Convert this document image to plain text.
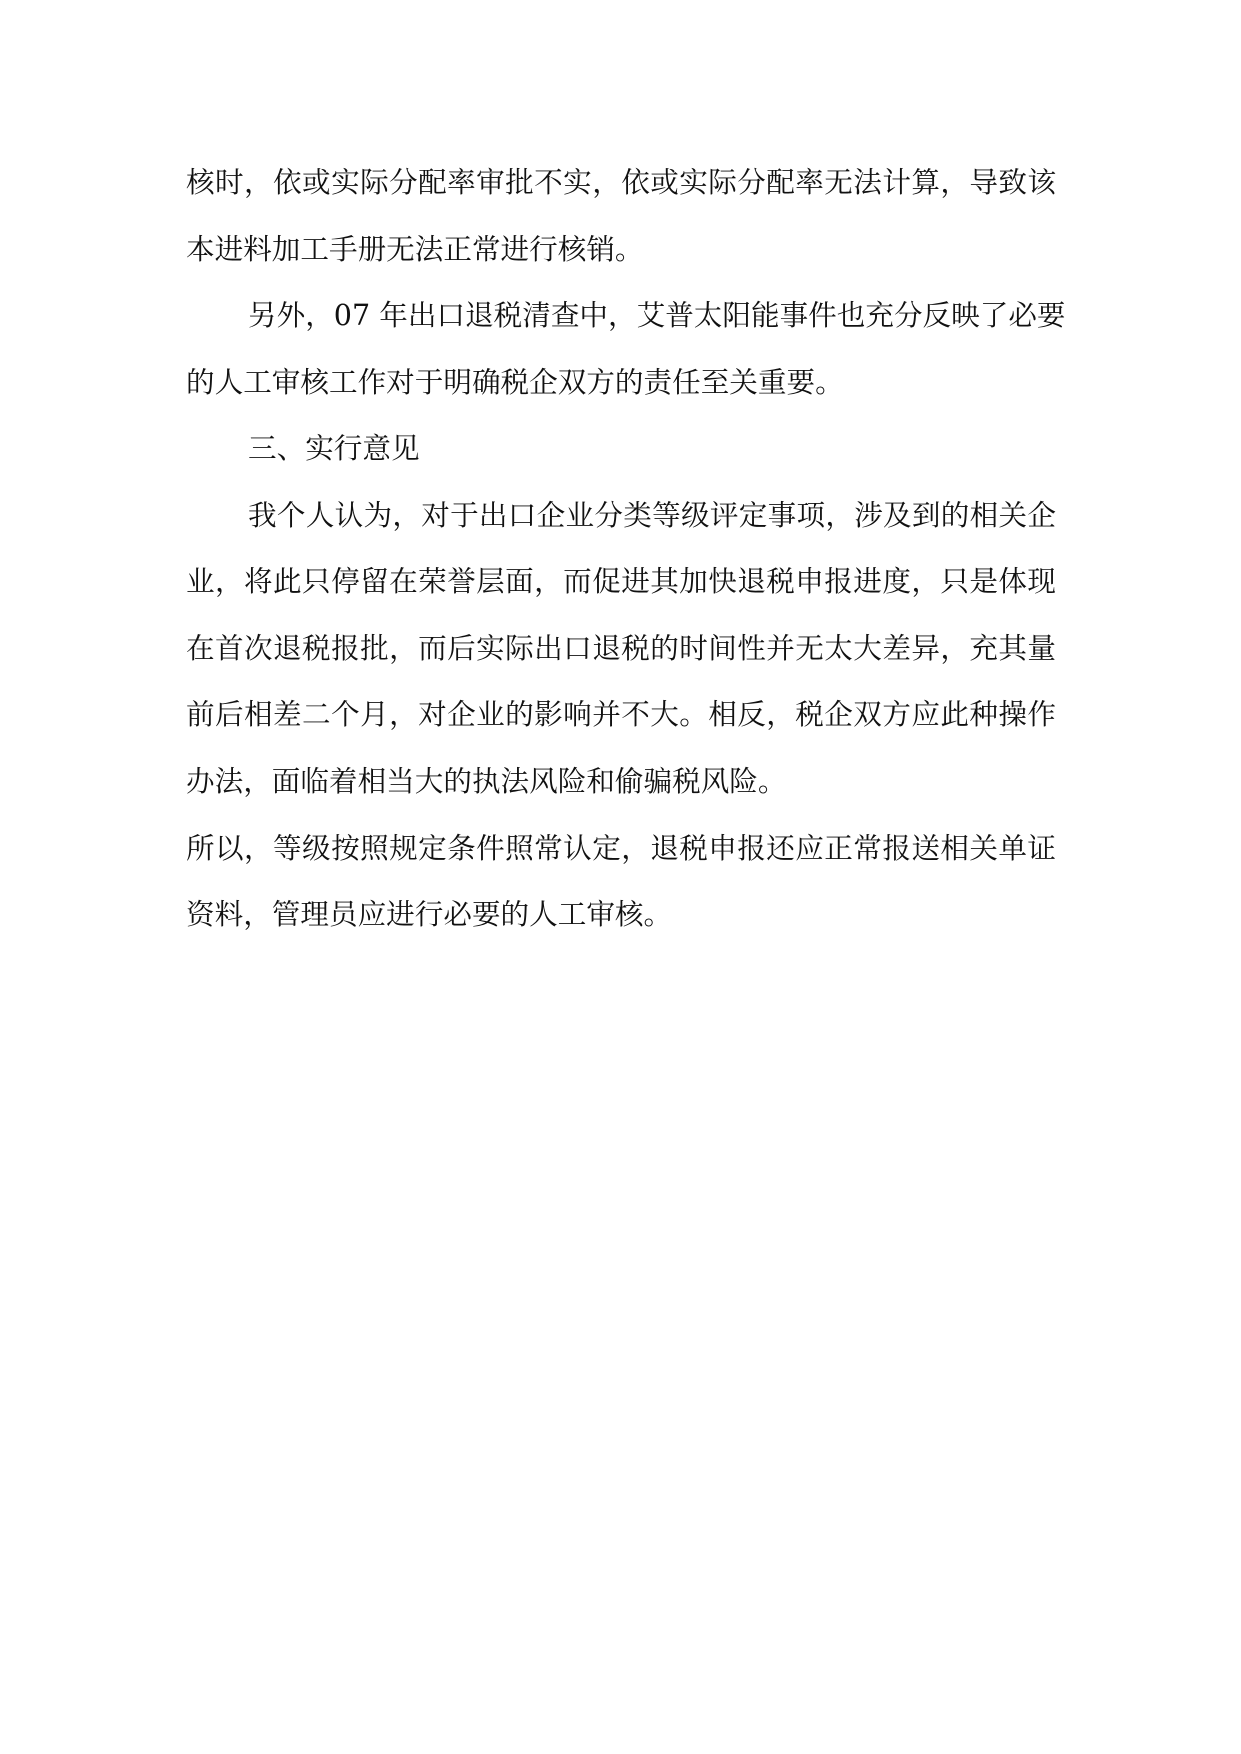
核时，依或实际分配率审批不实，依或实际分配率无法计算，导致该
本进料加工手册无法正常进行核销。
另外，07 年出口退税清查中，艾普太阳能事件也充分反映了必要
的人工审核工作对于明确税企双方的责任至关重要。
三、实行意见
我个人认为，对于出口企业分类等级评定事项，涉及到的相关企
业，将此只停留在荣誉层面，而促进其加快退税申报进度，只是体现
在首次退税报批，而后实际出口退税的时间性并无太大差异，充其量
前后相差二个月，对企业的影响并不大。相反，税企双方应此种操作
办法，面临着相当大的执法风险和偷骗税风险。
所以，等级按照规定条件照常认定，退税申报还应正常报送相关单证
资料，管理员应进行必要的人工审核。
